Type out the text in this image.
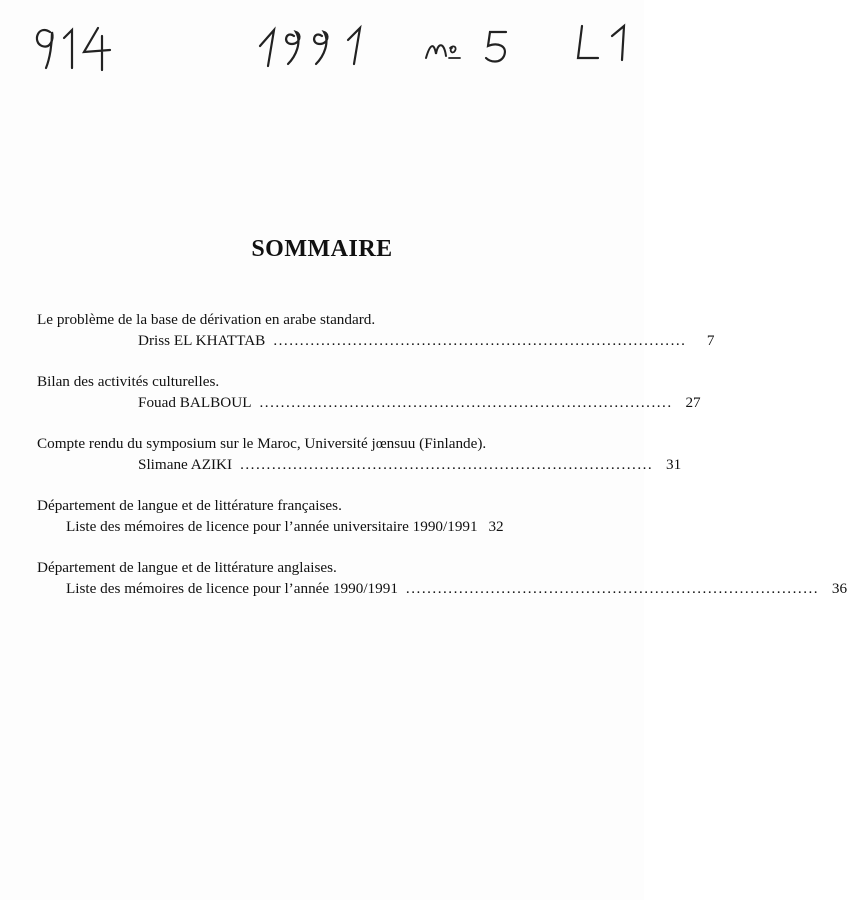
SOMMAIRE
Le problème de la base de dérivation en arabe standard.
Driss EL KHATTAB ..............................................................................	7
Bilan des activités culturelles.
Fouad BALBOUL .............................................................................. 27
Compte rendu du symposium sur le Maroc, Université jœnsuu (Finlande).
Slimane AZIKI .............................................................................. 31
Département de langue et de littérature françaises.
Liste des mémoires de licence pour l’année universitaire 1990/1991 32
Département de langue et de littérature anglaises.
Liste des mémoires de licence pour l’année 1990/1991 .............................................................................. 36
